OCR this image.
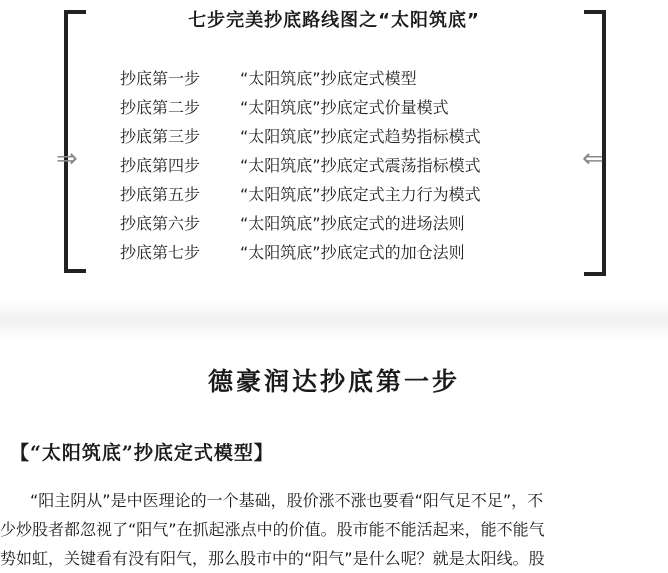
⇒	⇐
七步完美抄底路线图之“太阳筑底”
抄底第一步	“太阳筑底”抄底定式模型
抄底第二步	“太阳筑底”抄底定式价量模式
抄底第三步	“太阳筑底”抄底定式趋势指标模式
抄底第四步	“太阳筑底”抄底定式震荡指标模式
抄底第五步	“太阳筑底”抄底定式主力行为模式
抄底第六步	“太阳筑底”抄底定式的进场法则
抄底第七步	“太阳筑底”抄底定式的加仓法则
德豪润达抄底第一步
【“太阳筑底”抄底定式模型】
“阳主阴从”是中医理论的一个基础，股价涨不涨也要看“阳气足不足”，不
少炒股者都忽视了“阳气”在抓起涨点中的价值。股市能不能活起来，能不能气
势如虹，关键看有没有阳气，那么股市中的“阳气”是什么呢？就是太阳线。股
